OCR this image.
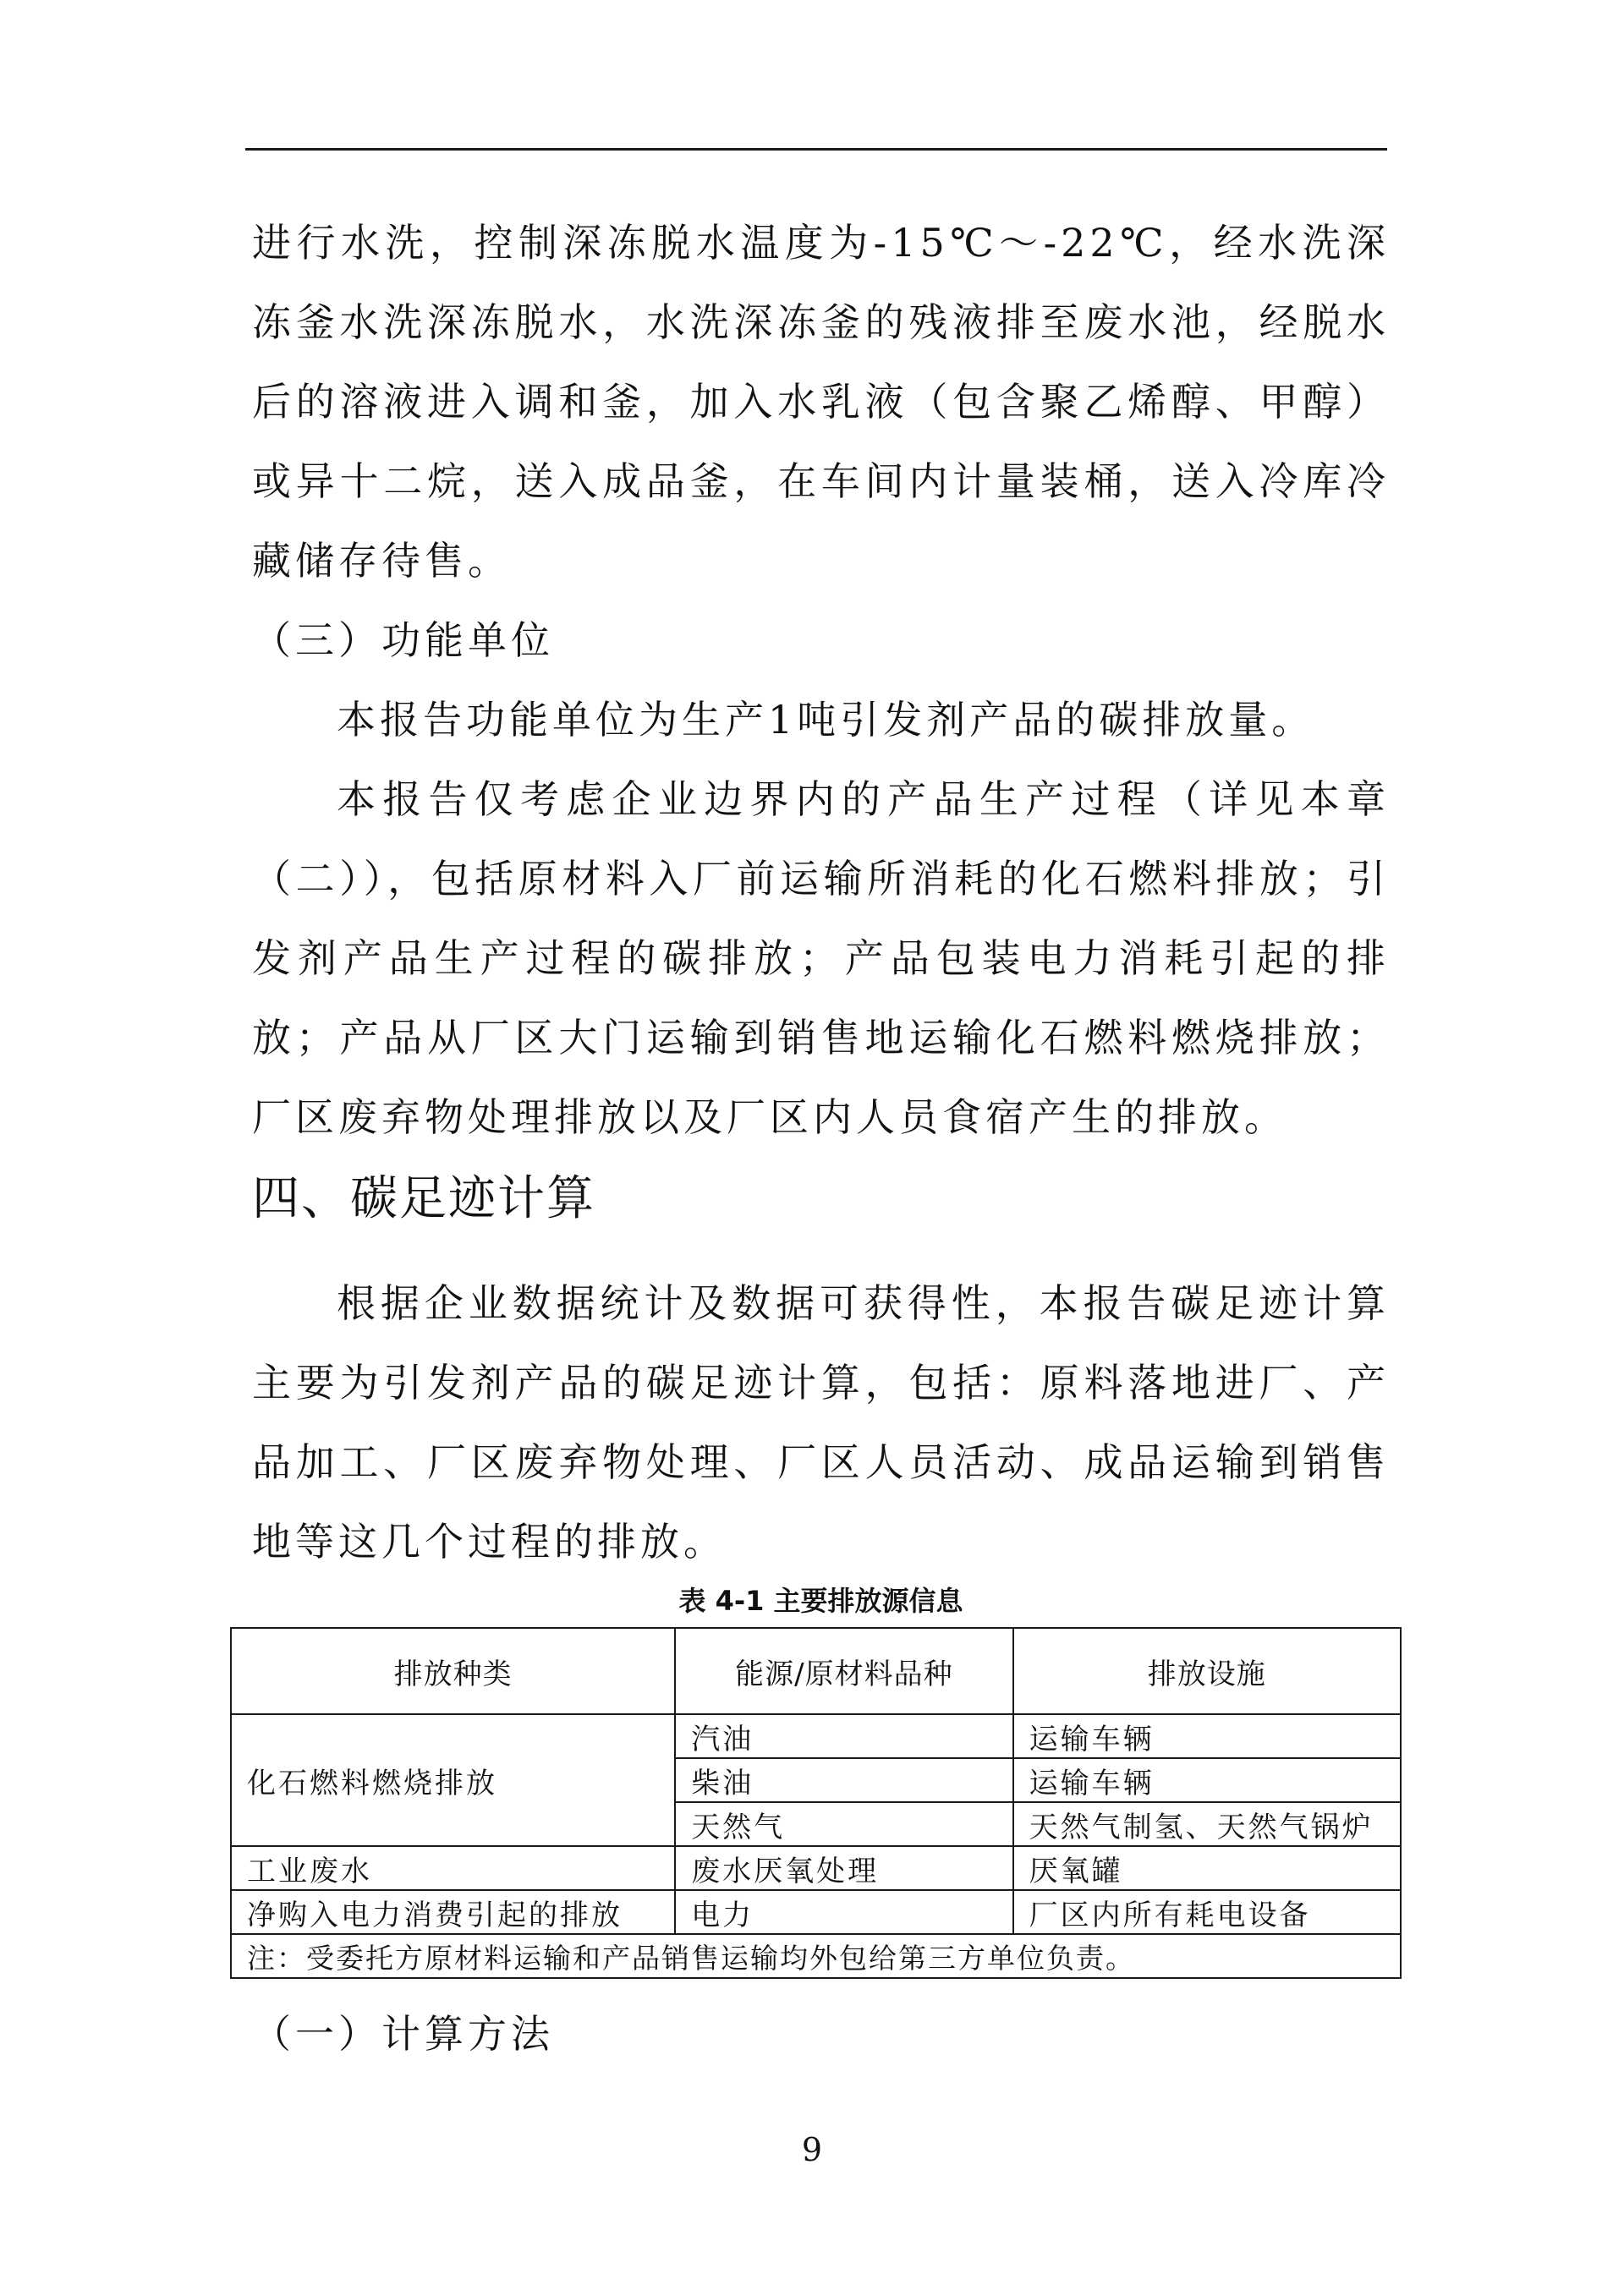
进行水洗，控制深冻脱水温度为-15℃～-22℃，经水洗深冻釜水洗深冻脱水，水洗深冻釜的残液排至废水池，经脱水后的溶液进入调和釜，加入水乳液（包含聚乙烯醇、甲醇）或异十二烷，送入成品釜，在车间内计量装桶，送入冷库冷藏储存待售。

（三）功能单位

本报告功能单位为生产1吨引发剂产品的碳排放量。

本报告仅考虑企业边界内的产品生产过程（详见本章（二）），包括原材料入厂前运输所消耗的化石燃料排放；引发剂产品生产过程的碳排放；产品包装电力消耗引起的排放；产品从厂区大门运输到销售地运输化石燃料燃烧排放；厂区废弃物处理排放以及厂区内人员食宿产生的排放。

四、碳足迹计算

根据企业数据统计及数据可获得性，本报告碳足迹计算主要为引发剂产品的碳足迹计算，包括：原料落地进厂、产品加工、厂区废弃物处理、厂区人员活动、成品运输到销售地等这几个过程的排放。

表 4-1 主要排放源信息
排放种类	能源/原材料品种	排放设施
化石燃料燃烧排放	汽油	运输车辆
	柴油	运输车辆
	天然气	天然气制氢、天然气锅炉
工业废水	废水厌氧处理	厌氧罐
净购入电力消费引起的排放	电力	厂区内所有耗电设备
注：受委托方原材料运输和产品销售运输均外包给第三方单位负责。		

（一）计算方法

9
